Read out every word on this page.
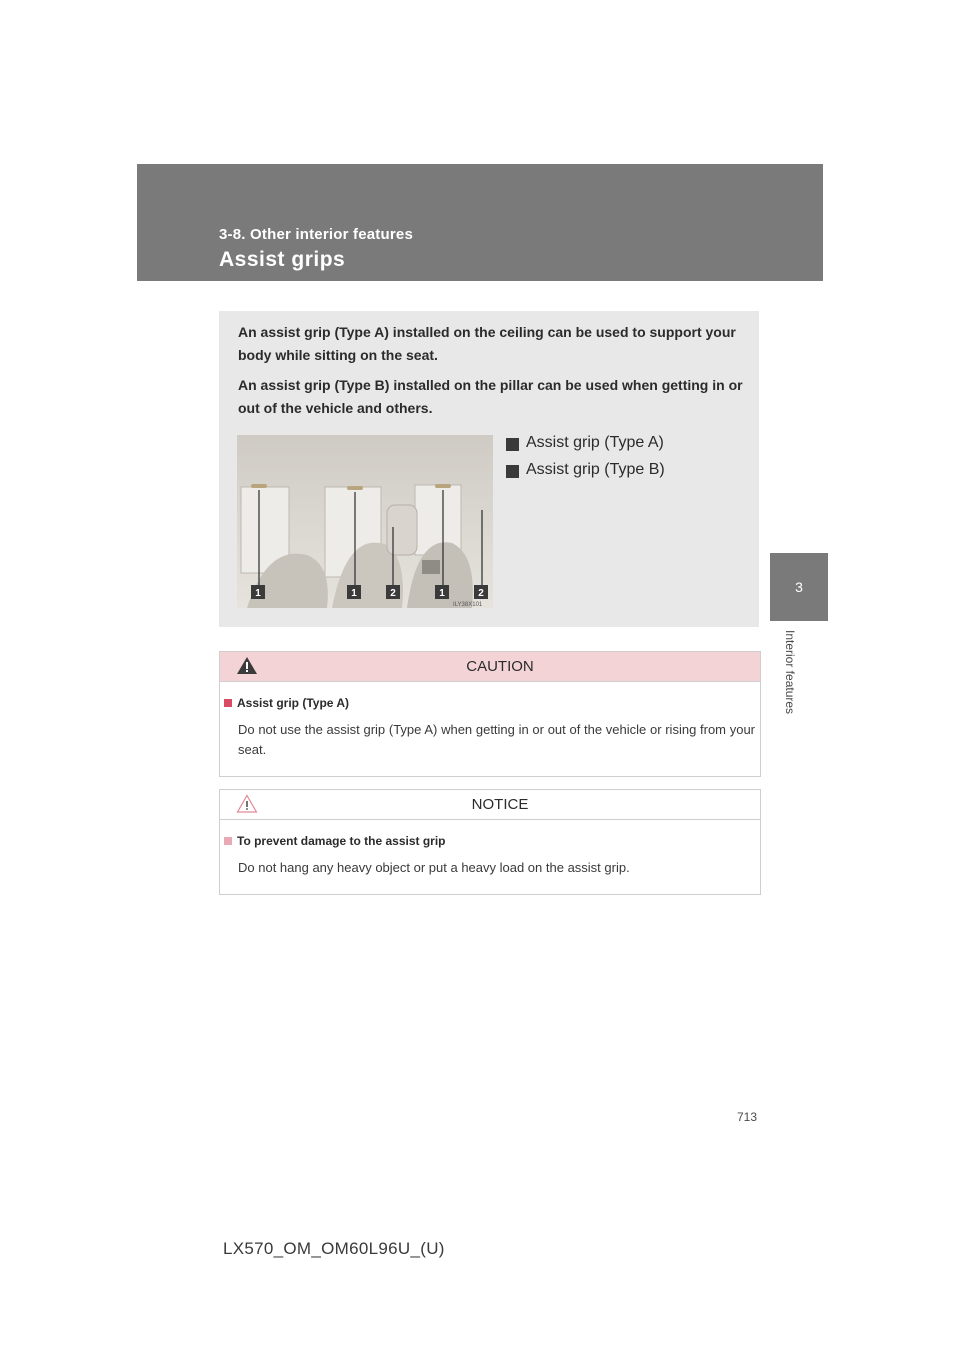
3-8. Other interior features
Assist grips
3
Interior features

An assist grip (Type A) installed on the ceiling can be used to support your body while sitting on the seat.

An assist grip (Type B) installed on the pillar can be used when getting in or out of the vehicle and others.

1	1	2	1	2
ILY38X101
Assist grip (Type A)
Assist grip (Type B)
CAUTION
Assist grip (Type A)

Do not use the assist grip (Type A) when getting in or out of the vehicle or rising from your seat.

NOTICE
To prevent damage to the assist grip

Do not hang any heavy object or put a heavy load on the assist grip.

713
LX570_OM_OM60L96U_(U)
